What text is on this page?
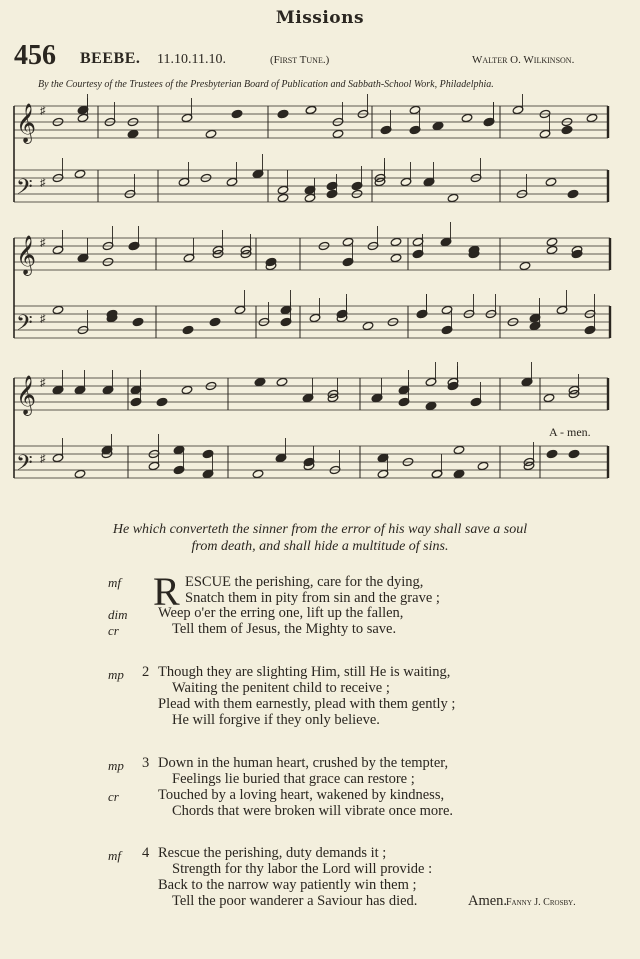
Missions
456 BEEBE. 11.10.11.10.	(First Tune.)	Walter O. Wilkinson.
By the Courtesy of the Trustees of the Presbyterian Board of Publication and Sabbath-School Work, Philadelphia.
𝄞 ♯
𝄢 ♯
𝄞 ♯
𝄢 ♯
𝄞 ♯
𝄢 ♯
A - men.
He which converteth the sinner from the error of his way shall save a soul
from death, and shall hide a multitude of sins.
mf R ESCUE the perishing, care for the dying,
Snatch them in pity from sin and the grave ;
dim Weep o'er the erring one, lift up the fallen,
cr	Tell them of Jesus, the Mighty to save.
mp 2 Though they are slighting Him, still He is waiting,
Waiting the penitent child to receive ;
Plead with them earnestly, plead with them gently ;
He will forgive if they only believe.
mp 3 Down in the human heart, crushed by the tempter,
Feelings lie buried that grace can restore ;
cr	Touched by a loving heart, wakened by kindness,
Chords that were broken will vibrate once more.
mf 4 Rescue the perishing, duty demands it ;
Strength for thy labor the Lord will provide :
Back to the narrow way patiently win them ;
Tell the poor wanderer a Saviour has died.	Amen.
Fanny J. Crosby.
